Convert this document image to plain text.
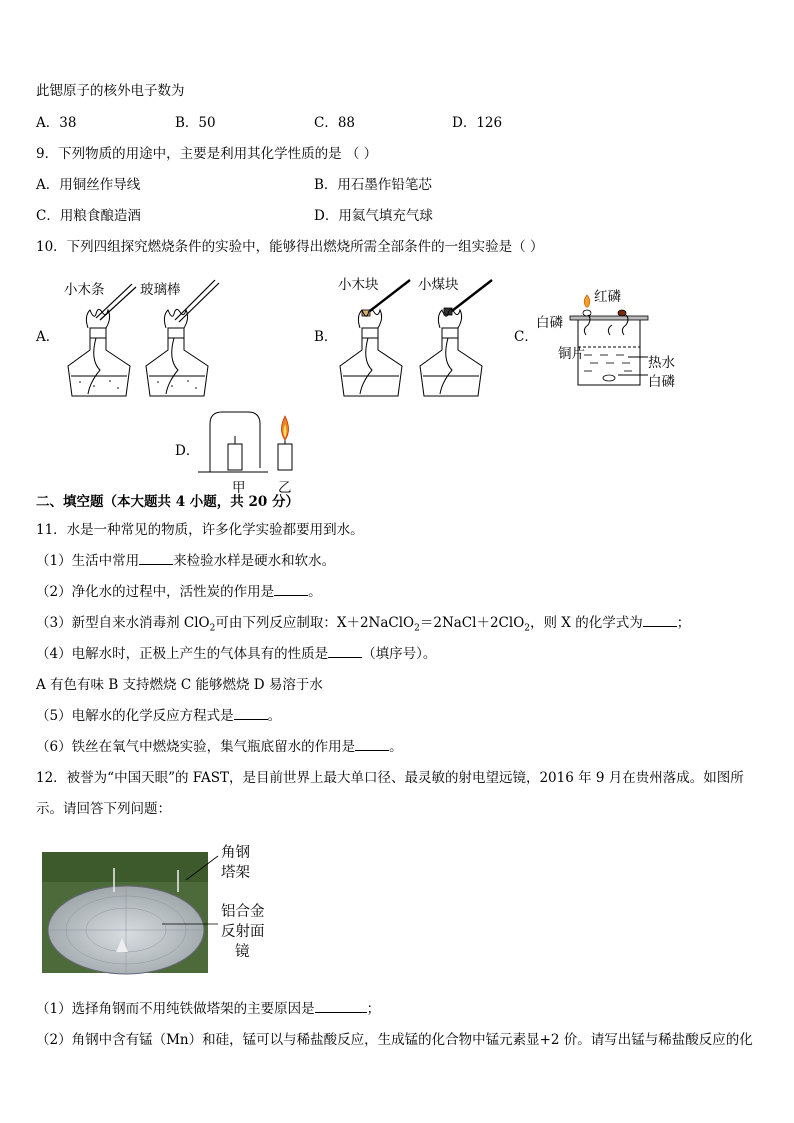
此锶原子的核外电子数为
A．38	B．50	C．88	D．126
9．下列物质的用途中，主要是利用其化学性质的是 （ ）
A．用铜丝作导线	B．用石墨作铅笔芯
C．用粮食酿造酒	D．用氦气填充气球
10．下列四组探究燃烧条件的实验中，能够得出燃烧所需全部条件的一组实验是（ ）
A．	B．	C．
D．
小木条	玻璃棒	小木块	小煤块
红磷
白磷
铜片
热水
白磷
甲 乙
二、填空题（本大题共 4 小题，共 20 分）
11．水是一种常见的物质，许多化学实验都要用到水。
（1）生活中常用	来检验水样是硬水和软水。
（2）净化水的过程中，活性炭的作用是	。
（3）新型自来水消毒剂 ClO$_2$可由下列反应制取：X＋2NaClO$_2$＝2NaCl＋2ClO$_2$，则 X 的化学式为	；
（4）电解水时，正极上产生的气体具有的性质是	（填序号）。
A 有色有味 B 支持燃烧 C 能够燃烧 D 易溶于水
（5）电解水的化学反应方程式是	。
（6）铁丝在氧气中燃烧实验，集气瓶底留水的作用是	。
12．被誉为“中国天眼”的 FAST，是目前世界上最大单口径、最灵敏的射电望远镜，2016 年 9 月在贵州落成。如图所
示。请回答下列问题：
角钢
塔架
铝合金
反射面
镜
（1）选择角钢而不用纯铁做塔架的主要原因是	；
（2）角钢中含有锰（Mn）和硅，锰可以与稀盐酸反应，生成锰的化合物中锰元素显+2 价。请写出锰与稀盐酸反应的化
